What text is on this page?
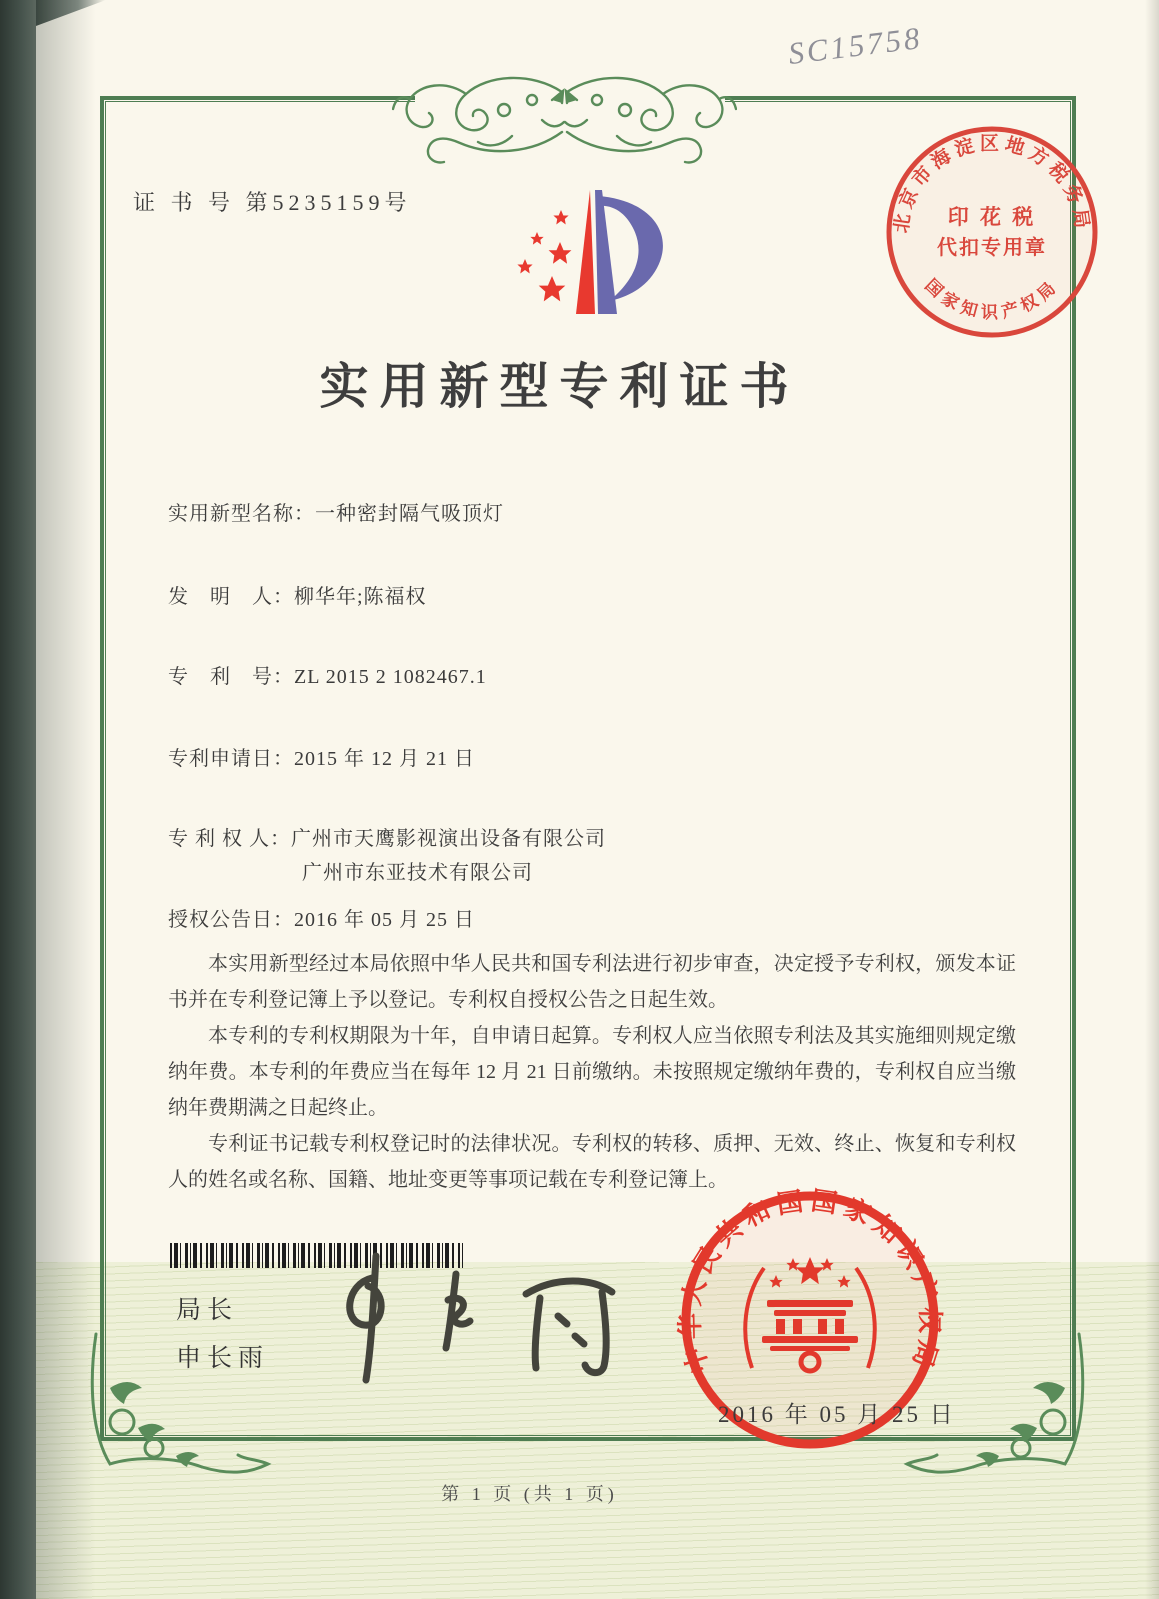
证 书 号 第5235159号
SC15758
北京市海淀区地方税务局
国家知识产权局
印 花 税
代扣专用章
实用新型专利证书
实用新型名称：一种密封隔气吸顶灯
发　明　人：柳华年;陈福权
专　利　号：ZL 2015 2 1082467.1
专利申请日：2015 年 12 月 21 日
专 利 权 人：广州市天鹰影视演出设备有限公司
广州市东亚技术有限公司
授权公告日：2016 年 05 月 25 日

本实用新型经过本局依照中华人民共和国专利法进行初步审查，决定授予专利权，颁发本证书并在专利登记簿上予以登记。专利权自授权公告之日起生效。

本专利的专利权期限为十年，自申请日起算。专利权人应当依照专利法及其实施细则规定缴纳年费。本专利的年费应当在每年 12 月 21 日前缴纳。未按照规定缴纳年费的，专利权自应当缴纳年费期满之日起终止。

专利证书记载专利权登记时的法律状况。专利权的转移、质押、无效、终止、恢复和专利权人的姓名或名称、国籍、地址变更等事项记载在专利登记簿上。

局长
申长雨	中华人民共和国国家知识产权局
2016 年 05 月 25 日
第 1 页 (共 1 页)
